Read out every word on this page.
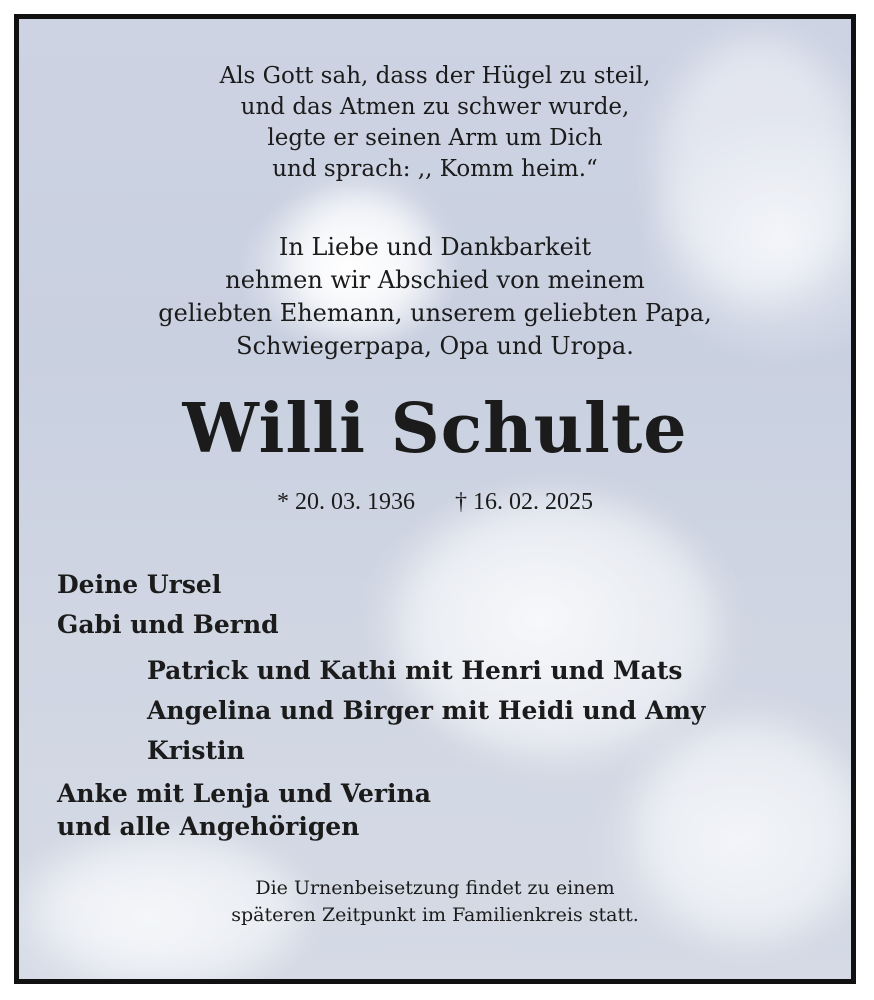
Als Gott sah, dass der Hügel zu steil,
und das Atmen zu schwer wurde,
legte er seinen Arm um Dich
und sprach: ,, Komm heim.“
In Liebe und Dankbarkeit
nehmen wir Abschied von meinem
geliebten Ehemann, unserem geliebten Papa,
Schwiegerpapa, Opa und Uropa.
Willi Schulte
* 20. 03. 1936 † 16. 02. 2025
Deine Ursel
Gabi und Bernd
Patrick und Kathi mit Henri und Mats
Angelina und Birger mit Heidi und Amy
Kristin
Anke mit Lenja und Verina
und alle Angehörigen
Die Urnenbeisetzung findet zu einem
späteren Zeitpunkt im Familienkreis statt.
